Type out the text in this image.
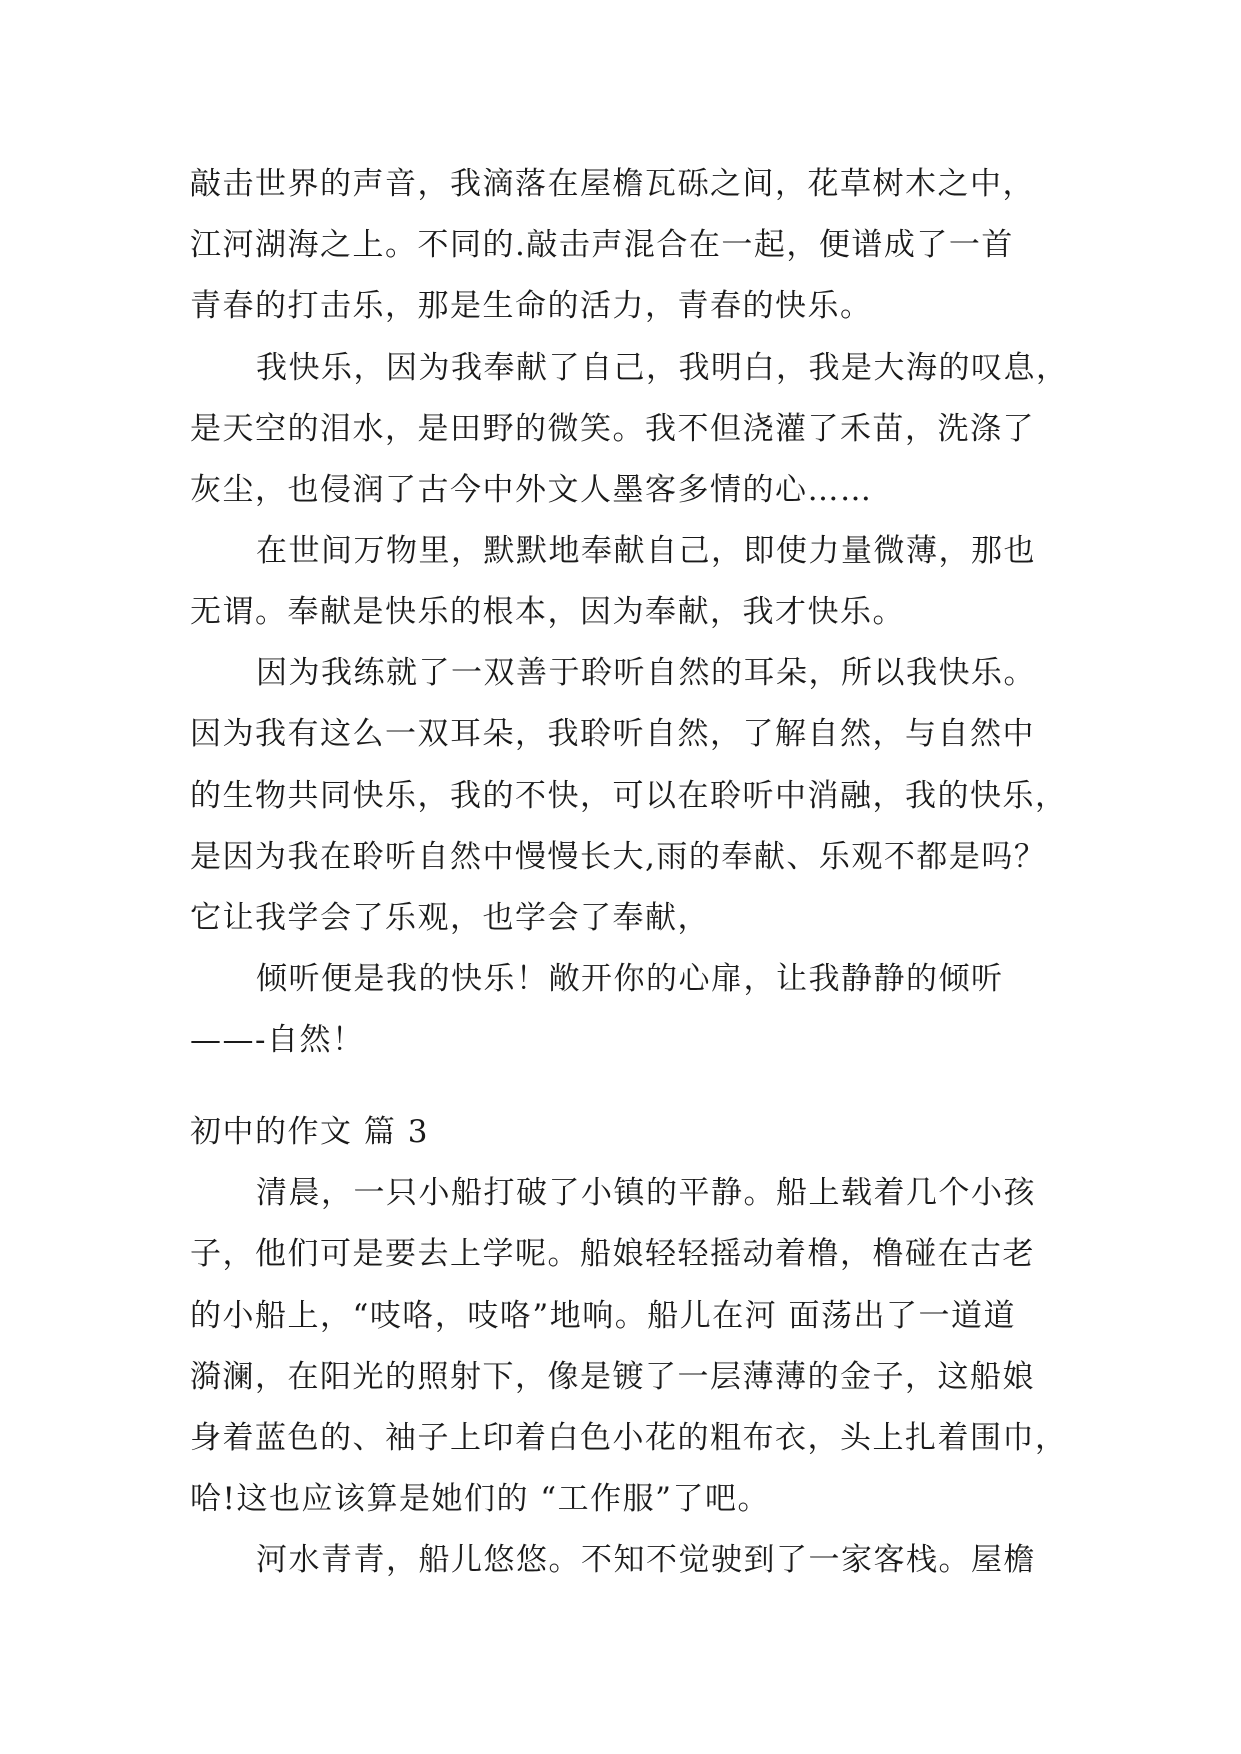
敲击世界的声音，我滴落在屋檐瓦砾之间，花草树木之中，
江河湖海之上。不同的.敲击声混合在一起，便谱成了一首
青春的打击乐，那是生命的活力，青春的快乐。
我快乐，因为我奉献了自己，我明白，我是大海的叹息，
是天空的泪水，是田野的微笑。我不但浇灌了禾苗，洗涤了
灰尘，也侵润了古今中外文人墨客多情的心……
在世间万物里，默默地奉献自己，即使力量微薄，那也
无谓。奉献是快乐的根本，因为奉献，我才快乐。
因为我练就了一双善于聆听自然的耳朵，所以我快乐。
因为我有这么一双耳朵，我聆听自然，了解自然，与自然中
的生物共同快乐，我的不快，可以在聆听中消融，我的快乐，
是因为我在聆听自然中慢慢长大,雨的奉献、乐观不都是吗？
它让我学会了乐观，也学会了奉献，
倾听便是我的快乐！敞开你的心扉，让我静静的倾听
——-自然！
初中的作文 篇 3
清晨，一只小船打破了小镇的平静。船上载着几个小孩
子，他们可是要去上学呢。船娘轻轻摇动着橹，橹碰在古老
的小船上，“吱咯，吱咯”地响。船儿在河 面荡出了一道道
漪澜，在阳光的照射下，像是镀了一层薄薄的金子，这船娘
身着蓝色的、袖子上印着白色小花的粗布衣，头上扎着围巾，
哈!这也应该算是她们的 “工作服”了吧。
河水青青，船儿悠悠。不知不觉驶到了一家客栈。屋檐
